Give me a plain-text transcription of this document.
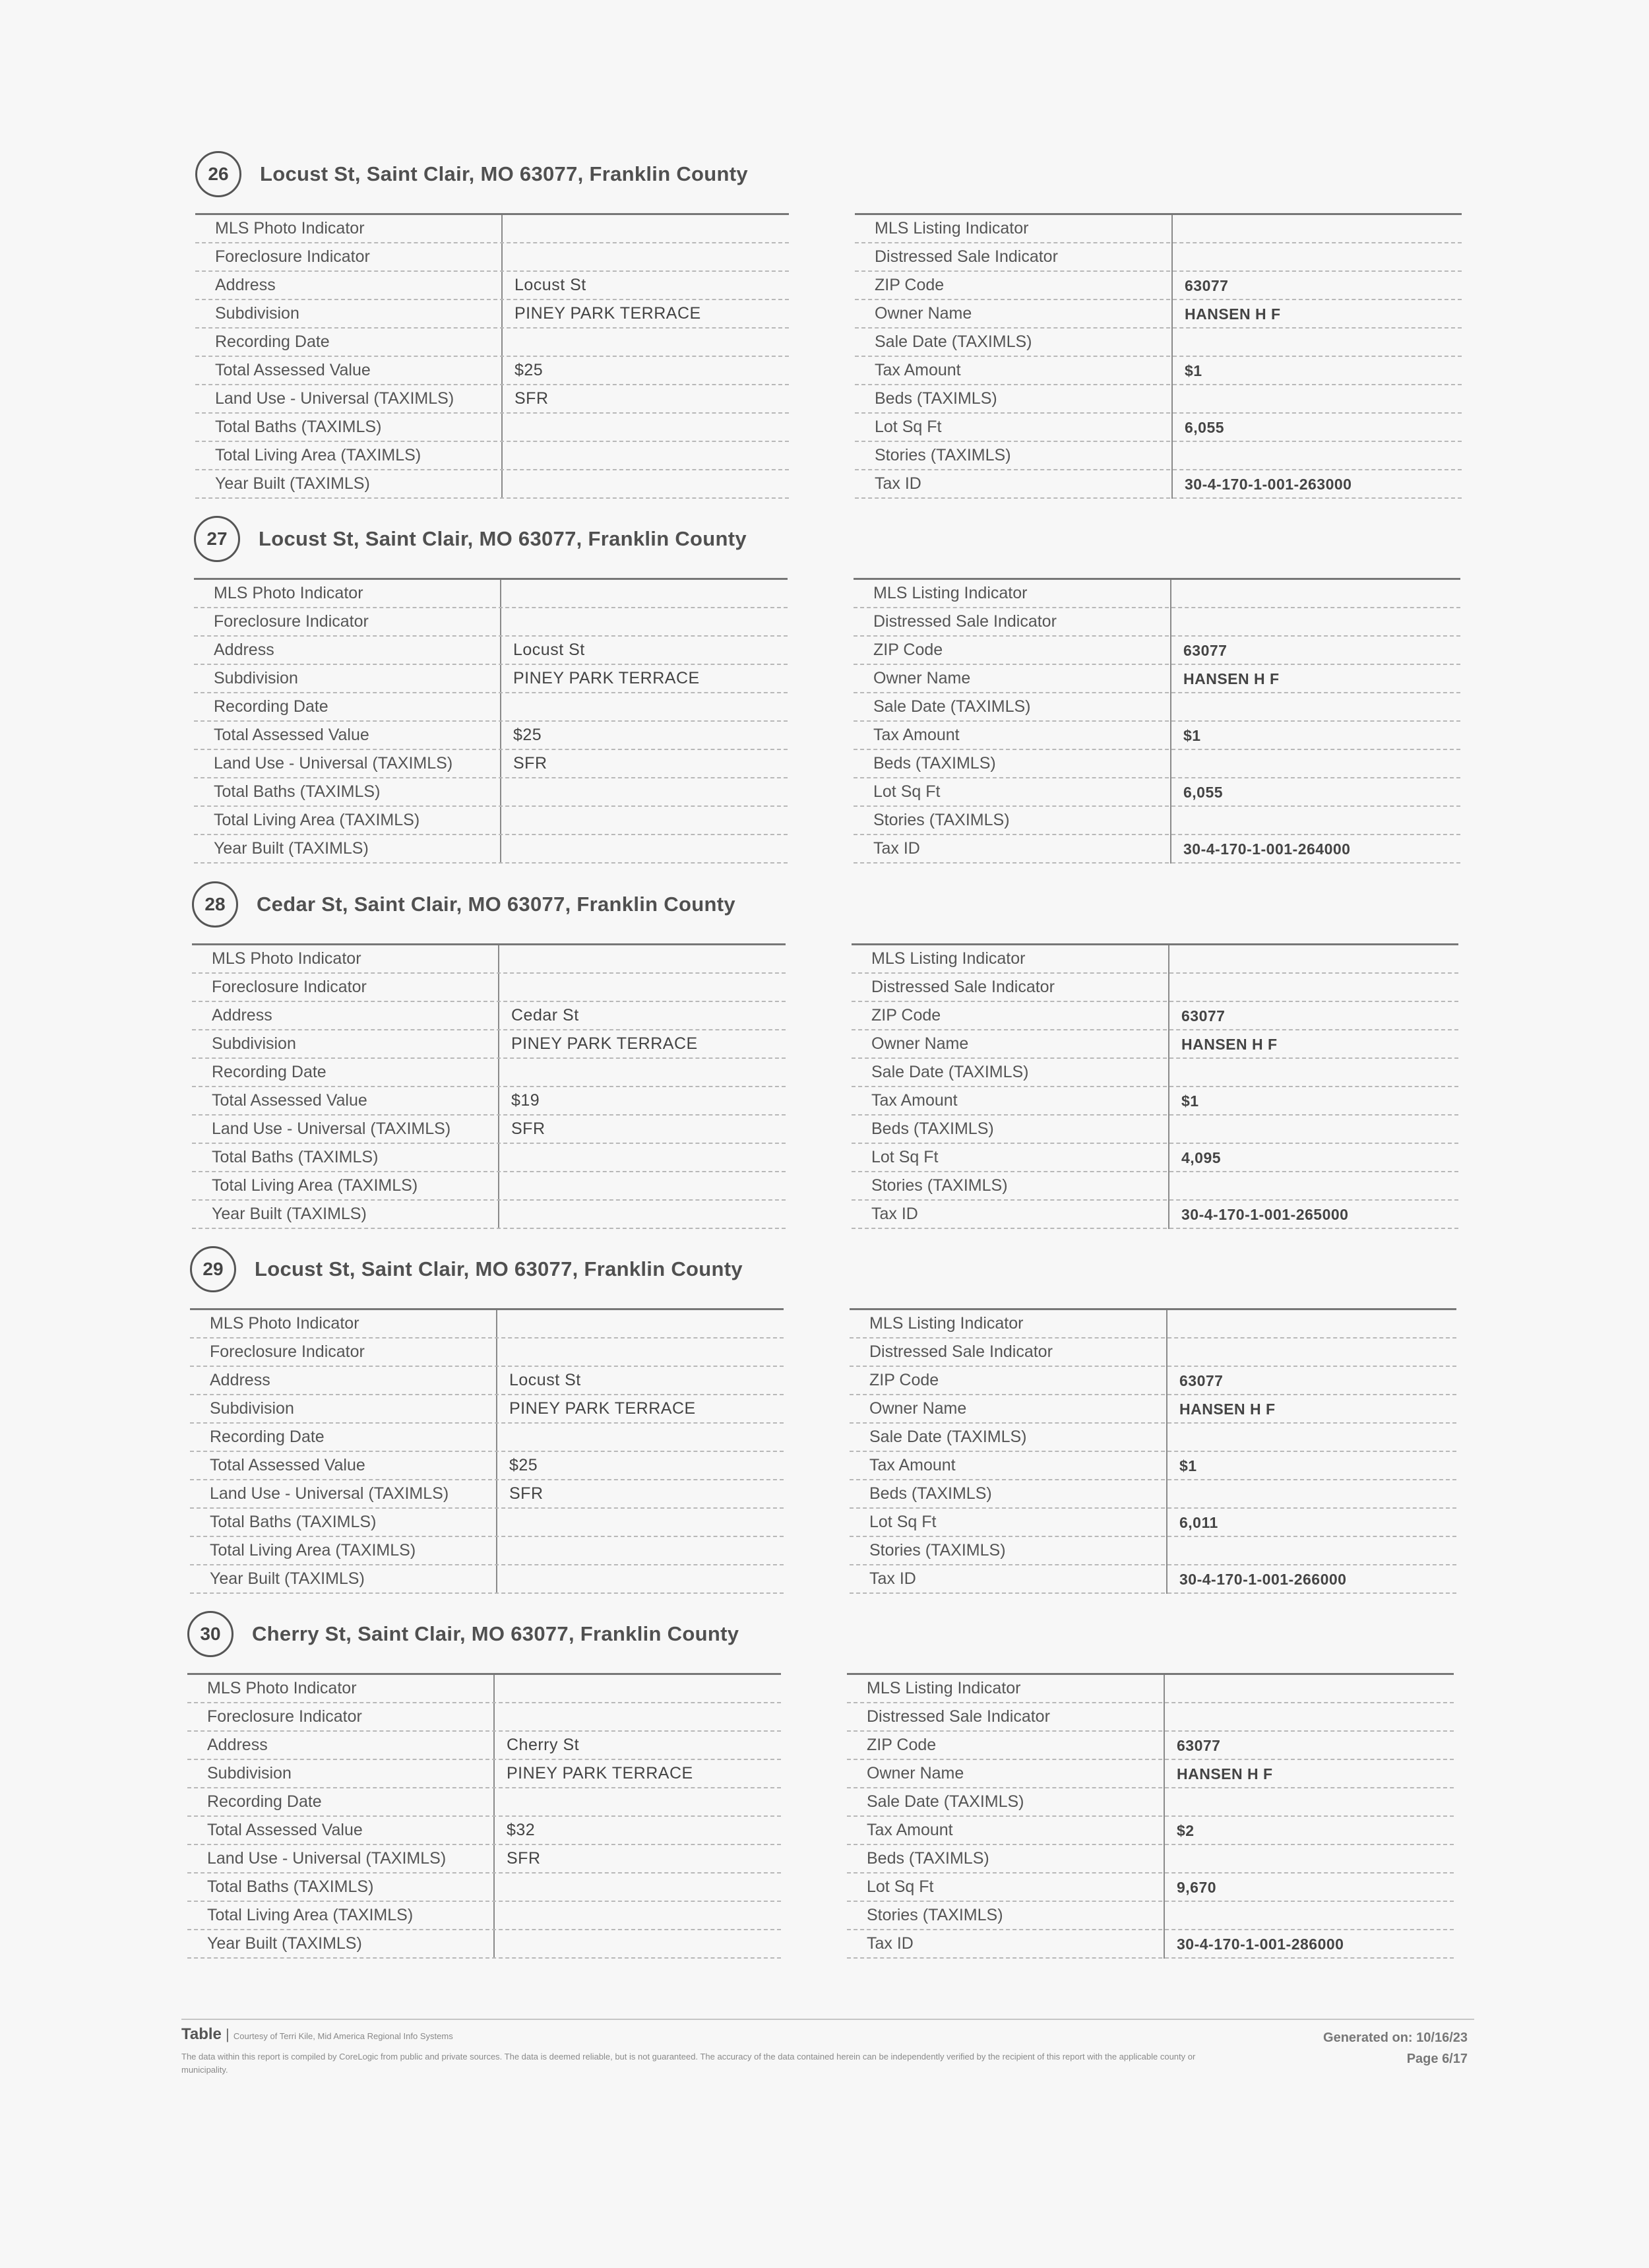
26	Locust St, Saint Clair, MO 63077, Franklin County
MLS Photo Indicator
Foreclosure Indicator
Address	Locust St
Subdivision	PINEY PARK TERRACE
Recording Date
Total Assessed Value	$25
Land Use - Universal (TAXIMLS)	SFR
Total Baths (TAXIMLS)
Total Living Area (TAXIMLS)
Year Built (TAXIMLS)
MLS Listing Indicator
Distressed Sale Indicator
ZIP Code	63077
Owner Name	HANSEN H F
Sale Date (TAXIMLS)
Tax Amount	$1
Beds (TAXIMLS)
Lot Sq Ft	6,055
Stories (TAXIMLS)
Tax ID	30-4-170-1-001-263000
27	Locust St, Saint Clair, MO 63077, Franklin County
MLS Photo Indicator
Foreclosure Indicator
Address	Locust St
Subdivision	PINEY PARK TERRACE
Recording Date
Total Assessed Value	$25
Land Use - Universal (TAXIMLS)	SFR
Total Baths (TAXIMLS)
Total Living Area (TAXIMLS)
Year Built (TAXIMLS)
MLS Listing Indicator
Distressed Sale Indicator
ZIP Code	63077
Owner Name	HANSEN H F
Sale Date (TAXIMLS)
Tax Amount	$1
Beds (TAXIMLS)
Lot Sq Ft	6,055
Stories (TAXIMLS)
Tax ID	30-4-170-1-001-264000
28	Cedar St, Saint Clair, MO 63077, Franklin County
MLS Photo Indicator
Foreclosure Indicator
Address	Cedar St
Subdivision	PINEY PARK TERRACE
Recording Date
Total Assessed Value	$19
Land Use - Universal (TAXIMLS)	SFR
Total Baths (TAXIMLS)
Total Living Area (TAXIMLS)
Year Built (TAXIMLS)
MLS Listing Indicator
Distressed Sale Indicator
ZIP Code	63077
Owner Name	HANSEN H F
Sale Date (TAXIMLS)
Tax Amount	$1
Beds (TAXIMLS)
Lot Sq Ft	4,095
Stories (TAXIMLS)
Tax ID	30-4-170-1-001-265000
29	Locust St, Saint Clair, MO 63077, Franklin County
MLS Photo Indicator
Foreclosure Indicator
Address	Locust St
Subdivision	PINEY PARK TERRACE
Recording Date
Total Assessed Value	$25
Land Use - Universal (TAXIMLS)	SFR
Total Baths (TAXIMLS)
Total Living Area (TAXIMLS)
Year Built (TAXIMLS)
MLS Listing Indicator
Distressed Sale Indicator
ZIP Code	63077
Owner Name	HANSEN H F
Sale Date (TAXIMLS)
Tax Amount	$1
Beds (TAXIMLS)
Lot Sq Ft	6,011
Stories (TAXIMLS)
Tax ID	30-4-170-1-001-266000
30	Cherry St, Saint Clair, MO 63077, Franklin County
MLS Photo Indicator
Foreclosure Indicator
Address	Cherry St
Subdivision	PINEY PARK TERRACE
Recording Date
Total Assessed Value	$32
Land Use - Universal (TAXIMLS)	SFR
Total Baths (TAXIMLS)
Total Living Area (TAXIMLS)
Year Built (TAXIMLS)
MLS Listing Indicator
Distressed Sale Indicator
ZIP Code	63077
Owner Name	HANSEN H F
Sale Date (TAXIMLS)
Tax Amount	$2
Beds (TAXIMLS)
Lot Sq Ft	9,670
Stories (TAXIMLS)
Tax ID	30-4-170-1-001-286000
Table | Courtesy of Terri Kile, Mid America Regional Info Systems
The data within this report is compiled by CoreLogic from public and private sources. The data is deemed reliable, but is not guaranteed. The accuracy of the data contained herein can be independently verified by the recipient of this report with the applicable county or municipality.
Generated on: 10/16/23
Page 6/17
